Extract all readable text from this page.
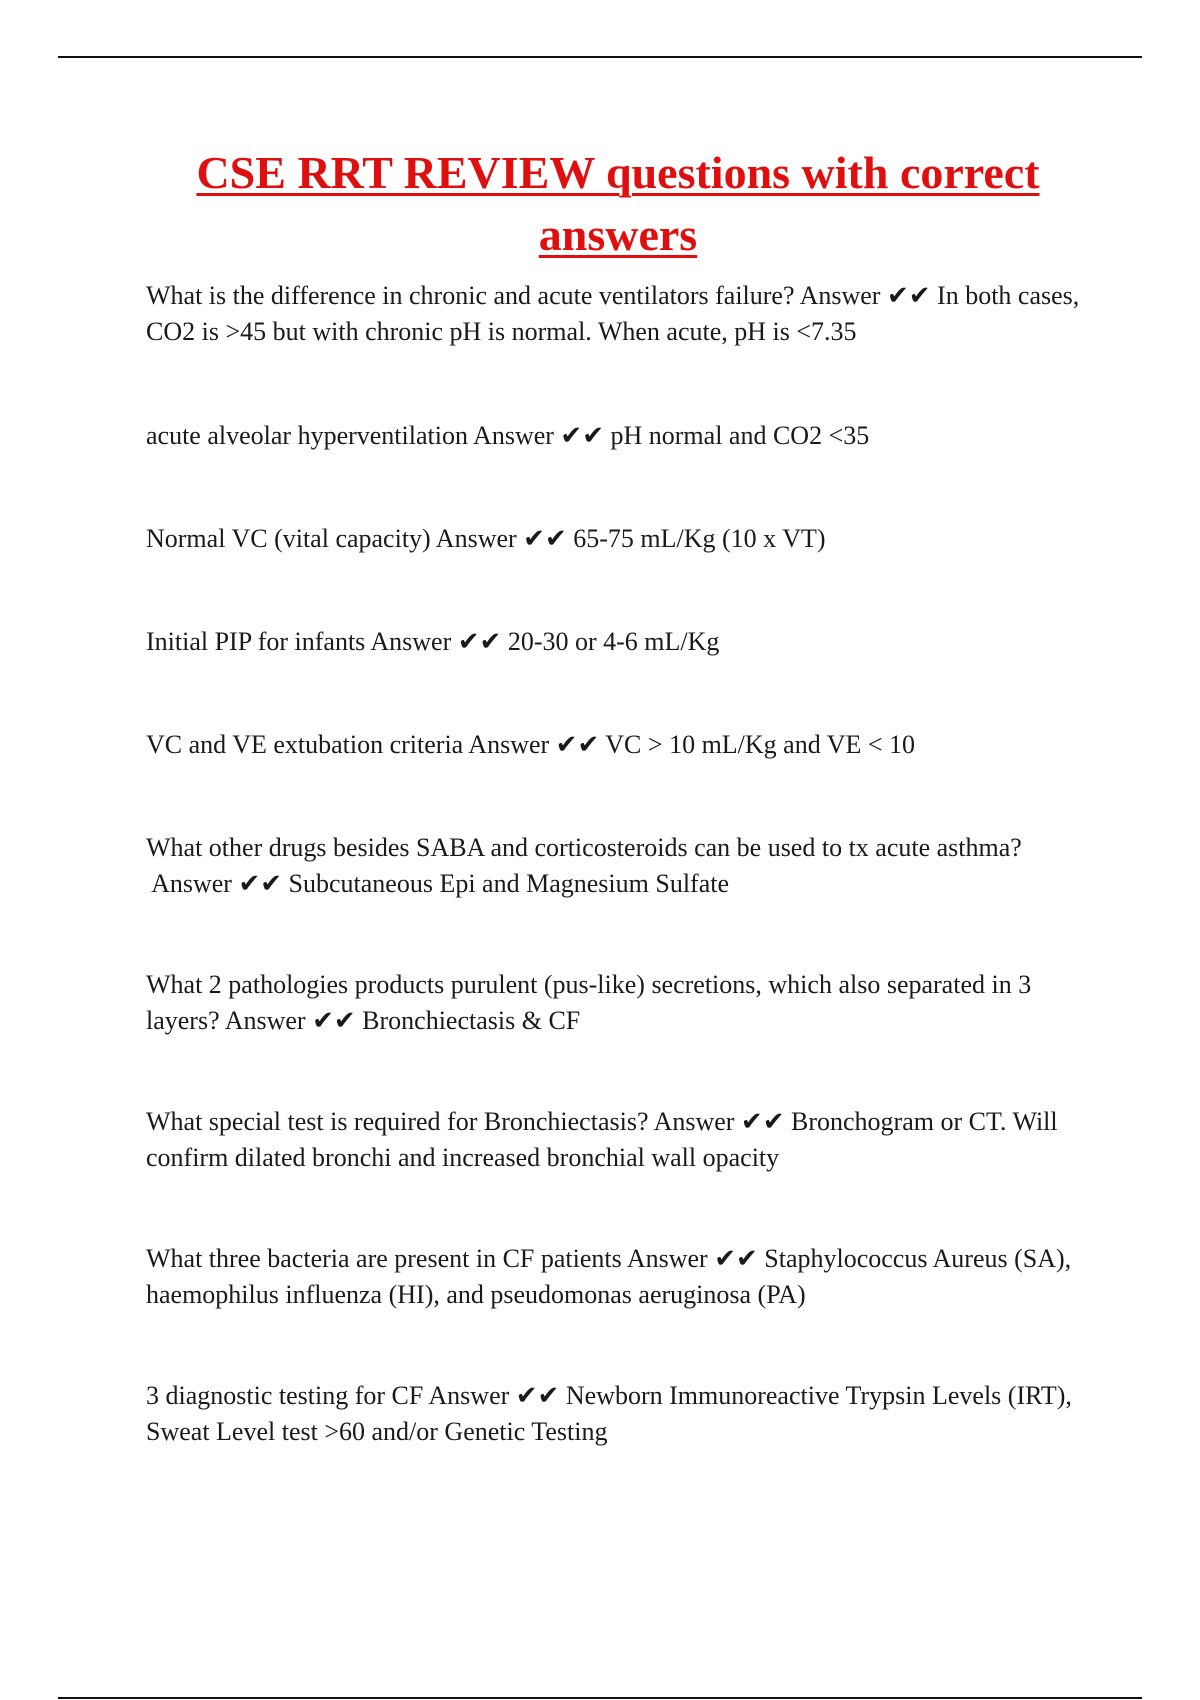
CSE RRT REVIEW questions with correct answers
What is the difference in chronic and acute ventilators failure? Answer ✔✔ In both cases, CO2 is >45 but with chronic pH is normal. When acute, pH is <7.35
acute alveolar hyperventilation Answer ✔✔ pH normal and CO2 <35
Normal VC (vital capacity) Answer ✔✔ 65-75 mL/Kg (10 x VT)
Initial PIP for infants Answer ✔✔ 20-30 or 4-6 mL/Kg
VC and VE extubation criteria Answer ✔✔ VC > 10 mL/Kg and VE < 10
What other drugs besides SABA and corticosteroids can be used to tx acute asthma? Answer ✔✔ Subcutaneous Epi and Magnesium Sulfate
What 2 pathologies products purulent (pus-like) secretions, which also separated in 3 layers? Answer ✔✔ Bronchiectasis & CF
What special test is required for Bronchiectasis? Answer ✔✔ Bronchogram or CT. Will confirm dilated bronchi and increased bronchial wall opacity
What three bacteria are present in CF patients Answer ✔✔ Staphylococcus Aureus (SA), haemophilus influenza (HI), and pseudomonas aeruginosa (PA)
3 diagnostic testing for CF Answer ✔✔ Newborn Immunoreactive Trypsin Levels (IRT), Sweat Level test >60 and/or Genetic Testing
